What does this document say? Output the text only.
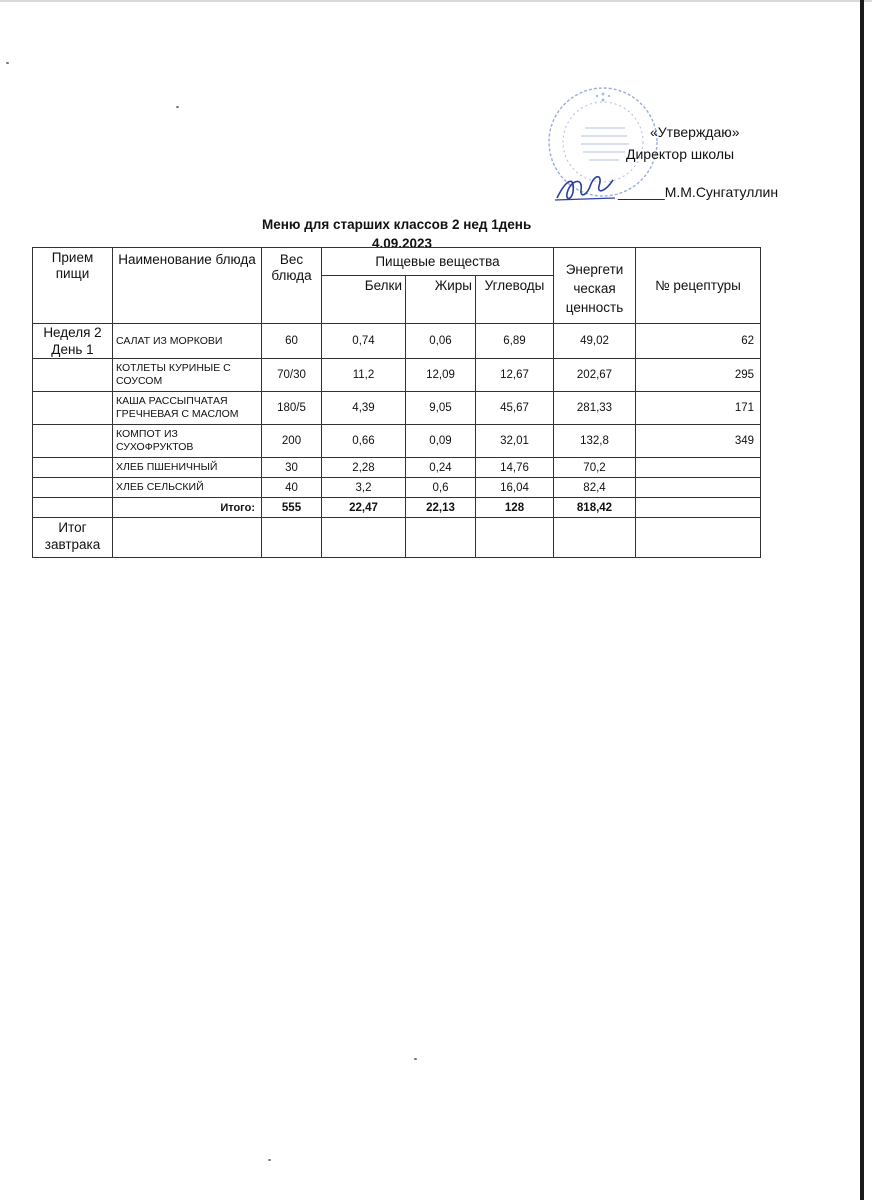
«Утверждаю»
Директор школы
______М.М.Сунгатуллин
Меню для старших классов 2 нед 1день
4.09.2023
Прием пищи	Наименование блюда	Вес блюда	Пищевые вещества			Энергети ческая ценность	№ рецептуры
			Белки	Жиры	Углеводы		
Неделя 2 День 1	САЛАТ ИЗ МОРКОВИ	60	0,74	0,06	6,89	49,02	62
	КОТЛЕТЫ КУРИНЫЕ С СОУСОМ	70/30	11,2	12,09	12,67	202,67	295
	КАША РАССЫПЧАТАЯ ГРЕЧНЕВАЯ С МАСЛОМ	180/5	4,39	9,05	45,67	281,33	171
	КОМПОТ ИЗ СУХОФРУКТОВ	200	0,66	0,09	32,01	132,8	349
	ХЛЕБ ПШЕНИЧНЫЙ	30	2,28	0,24	14,76	70,2	
	ХЛЕБ СЕЛЬСКИЙ	40	3,2	0,6	16,04	82,4	
	Итого:	555	22,47	22,13	128	818,42	
Итог завтрака							
